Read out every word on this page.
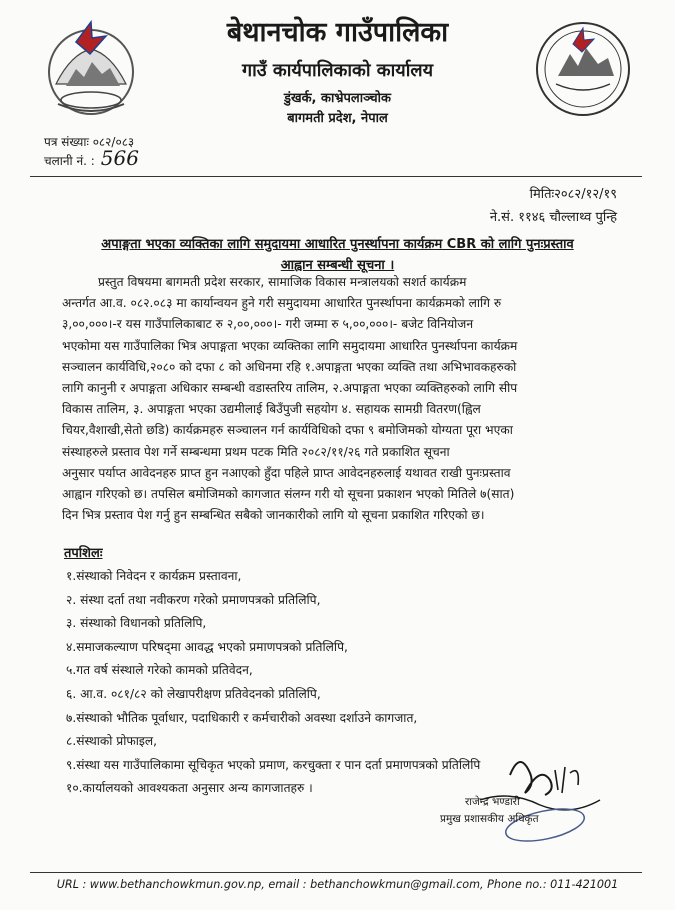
बेथानचोक गाउँपालिका
गाउँ कार्यपालिकाको कार्यालय
डुंखर्क, काभ्रेपलाञ्चोक
बागमती प्रदेश, नेपाल
पत्र संख्याः ०८२/०८३
चलानी नं. : 566
मितिः२०८२/१२/१९
ने.सं. ११४६ चौल्लाथ्व पुन्हि
अपाङ्गता भएका व्यक्तिका लागि समुदायमा आधारित पुनर्स्थापना कार्यक्रम CBR को लागि पुनःप्रस्ताव
आह्वान सम्बन्धी सूचना ।
प्रस्तुत विषयमा बागमती प्रदेश सरकार, सामाजिक विकास मन्त्रालयको सशर्त कार्यक्रम
अन्तर्गत आ.व. ०८२.०८३ मा कार्यान्वयन हुने गरी समुदायमा आधारित पुनर्स्थापना कार्यक्रमको लागि रु
३,००,०००।-र यस गाउँपालिकाबाट रु २,००,०००।- गरी जम्मा रु ५,००,०००।- बजेट विनियोजन
भएकोमा यस गाउँपालिका भित्र अपाङ्गता भएका व्यक्तिका लागि समुदायमा आधारित पुनर्स्थापना कार्यक्रम
सञ्चालन कार्यविधि,२०८० को दफा ८ को अधिनमा रहि १.अपाङ्गता भएका व्यक्ति तथा अभिभावकहरुको
लागि कानुनी र अपाङ्गता अधिकार सम्बन्धी वडास्तरिय तालिम, २.अपाङ्गता भएका व्यक्तिहरुको लागि सीप
विकास तालिम, ३. अपाङ्गता भएका उद्यमीलाई बिउँपुजी सहयोग ४. सहायक सामग्री वितरण(ह्विल
चियर,वैशाखी,सेतो छडि) कार्यक्रमहरु सञ्चालन गर्न कार्यविधिको दफा ९ बमोजिमको योग्यता पूरा भएका
संस्थाहरुले प्रस्ताव पेश गर्ने सम्बन्धमा प्रथम पटक मिति २०८२/११/२६ गते प्रकाशित सूचना
अनुसार पर्याप्त आवेदनहरु प्राप्त हुन नआएको हुँदा पहिले प्राप्त आवेदनहरुलाई यथावत राखी पुनःप्रस्ताव
आह्वान गरिएको छ। तपसिल बमोजिमको कागजात संलग्न गरी यो सूचना प्रकाशन भएको मितिले ७(सात)
दिन भित्र प्रस्ताव पेश गर्नु हुन सम्बन्धित सबैको जानकारीको लागि यो सूचना प्रकाशित गरिएको छ।
तपशिलः
१.संस्थाको निवेदन र कार्यक्रम प्रस्तावना,
२. संस्था दर्ता तथा नवीकरण गरेको प्रमाणपत्रको प्रतिलिपि,
३. संस्थाको विधानको प्रतिलिपि,
४.समाजकल्याण परिषद्‌मा आवद्ध भएको प्रमाणपत्रको प्रतिलिपि,
५.गत वर्ष संस्थाले गरेको कामको प्रतिवेदन,
६. आ.व. ०८१/८२ को लेखापरीक्षण प्रतिवेदनको प्रतिलिपि,
७.संस्थाको भौतिक पूर्वाधार, पदाधिकारी र कर्मचारीको अवस्था दर्शाउने कागजात,
८.संस्थाको प्रोफाइल,
९.संस्था यस गाउँपालिकामा सूचिकृत भएको प्रमाण, करचुक्ता र पान दर्ता प्रमाणपत्रको प्रतिलिपि
१०.कार्यालयको आवश्यकता अनुसार अन्य कागजातहरु ।
राजेन्द्र भण्डारी
प्रमुख प्रशासकीय अधिकृत
URL : www.bethanchowkmun.gov.np, email : bethanchowkmun@gmail.com, Phone no.: 011-421001
